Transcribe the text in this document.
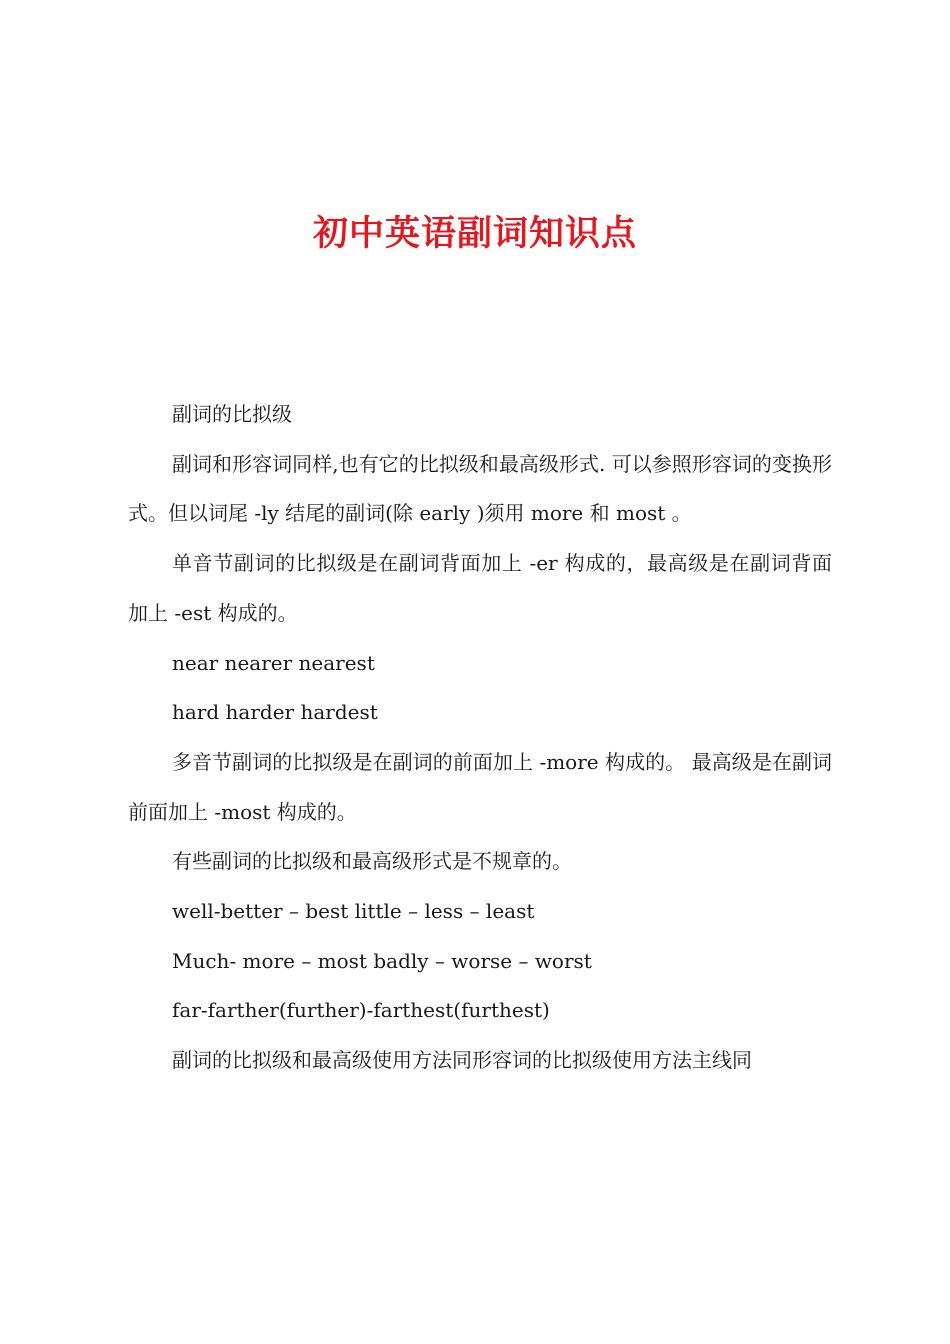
初中英语副词知识点

副词的比拟级

副词和形容词同样,也有它的比拟级和最高级形式. 可以参照形容词的变换形式。但以词尾 -ly 结尾的副词(除 early )须用 more 和 most 。

单音节副词的比拟级是在副词背面加上 -er 构成的，最高级是在副词背面加上 -est 构成的。

near nearer nearest

hard harder hardest

多音节副词的比拟级是在副词的前面加上 -more 构成的。 最高级是在副词前面加上 -most 构成的。

有些副词的比拟级和最高级形式是不规章的。

well-better – best little – less – least

Much- more – most badly – worse – worst

far-farther(further)-farthest(furthest)

副词的比拟级和最高级使用方法同形容词的比拟级使用方法主线同
